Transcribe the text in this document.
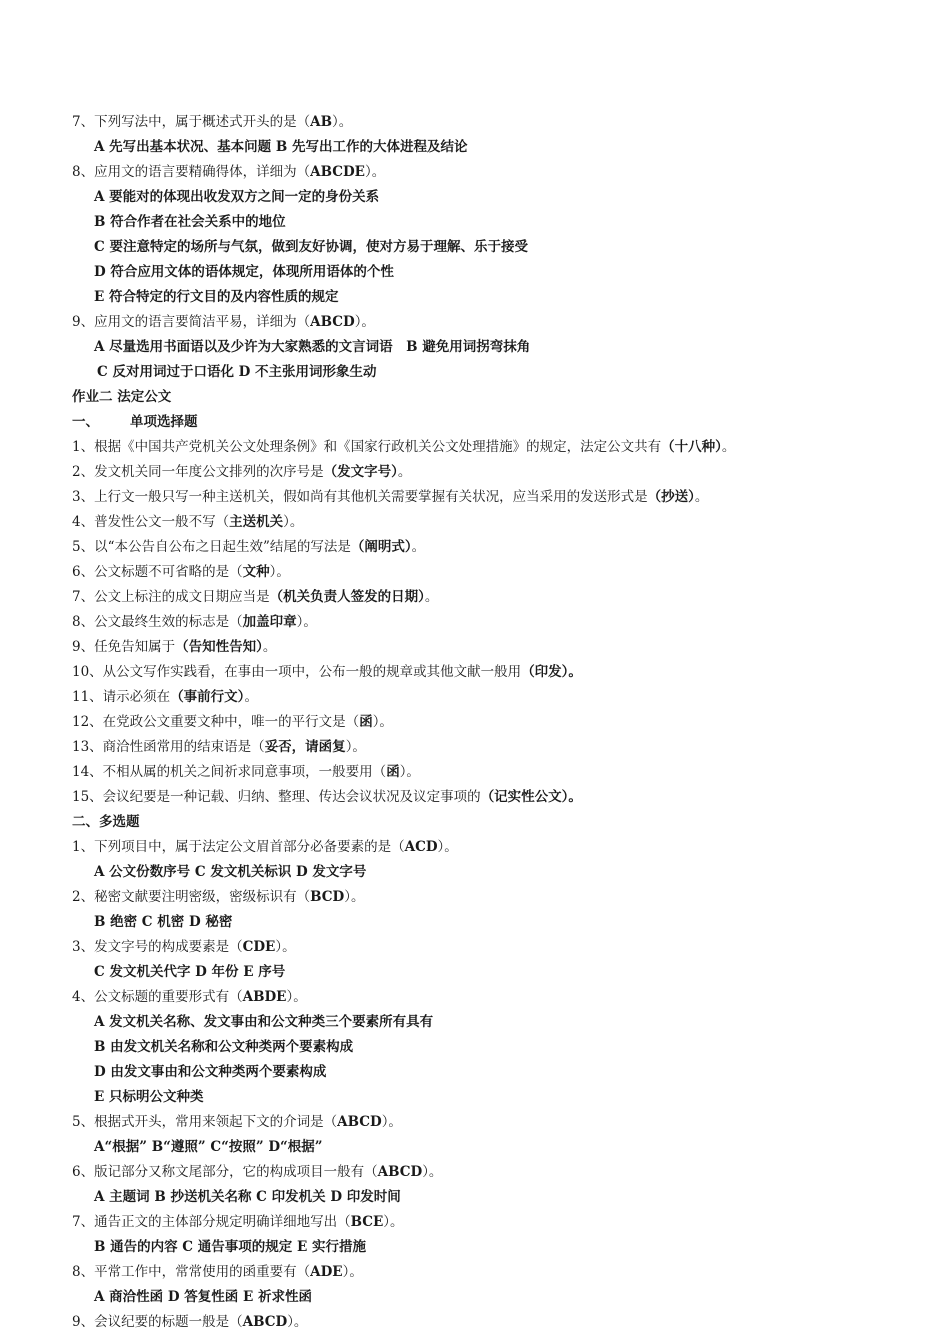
7、下列写法中，属于概述式开头的是（AB）。
A 先写出基本状况、基本问题 B 先写出工作的大体进程及结论
8、应用文的语言要精确得体，详细为（ABCDE）。
A 要能对的体现出收发双方之间一定的身份关系
B 符合作者在社会关系中的地位
C 要注意特定的场所与气氛，做到友好协调，使对方易于理解、乐于接受
D 符合应用文体的语体规定，体现所用语体的个性
E 符合特定的行文目的及内容性质的规定
9、应用文的语言要简洁平易，详细为（ABCD）。
A 尽量选用书面语以及少许为大家熟悉的文言词语　B 避免用词拐弯抹角
C 反对用词过于口语化 D 不主张用词形象生动
作业二 法定公文
一、 单项选择题
1、根据《中国共产党机关公文处理条例》和《国家行政机关公文处理措施》的规定，法定公文共有（十八种）。
2、发文机关同一年度公文排列的次序号是（发文字号）。
3、上行文一般只写一种主送机关，假如尚有其他机关需要掌握有关状况，应当采用的发送形式是（抄送）。
4、普发性公文一般不写（主送机关）。
5、以“本公告自公布之日起生效”结尾的写法是（阐明式）。
6、公文标题不可省略的是（文种）。
7、公文上标注的成文日期应当是（机关负责人签发的日期）。
8、公文最终生效的标志是（加盖印章）。
9、任免告知属于（告知性告知）。
10、从公文写作实践看，在事由一项中，公布一般的规章或其他文献一般用（印发）。
11、请示必须在（事前行文）。
12、在党政公文重要文种中，唯一的平行文是（函）。
13、商洽性函常用的结束语是（妥否，请函复）。
14、不相从属的机关之间祈求同意事项，一般要用（函）。
15、会议纪要是一种记载、归纳、整理、传达会议状况及议定事项的（记实性公文）。
二、多选题
1、下列项目中，属于法定公文眉首部分必备要素的是（ACD）。
A 公文份数序号 C 发文机关标识 D 发文字号
2、秘密文献要注明密级，密级标识有（BCD）。
B 绝密 C 机密 D 秘密
3、发文字号的构成要素是（CDE）。
C 发文机关代字 D 年份 E 序号
4、公文标题的重要形式有（ABDE）。
A 发文机关名称、发文事由和公文种类三个要素所有具有
B 由发文机关名称和公文种类两个要素构成
D 由发文事由和公文种类两个要素构成
E 只标明公文种类
5、根据式开头，常用来领起下文的介词是（ABCD）。
A“根据” B“遵照” C“按照” D“根据”
6、版记部分又称文尾部分，它的构成项目一般有（ABCD）。
A 主题词 B 抄送机关名称 C 印发机关 D 印发时间
7、通告正文的主体部分规定明确详细地写出（BCE）。
B 通告的内容 C 通告事项的规定 E 实行措施
8、平常工作中，常常使用的函重要有（ADE）。
A 商洽性函 D 答复性函 E 祈求性函
9、会议纪要的标题一般是（ABCD）。
